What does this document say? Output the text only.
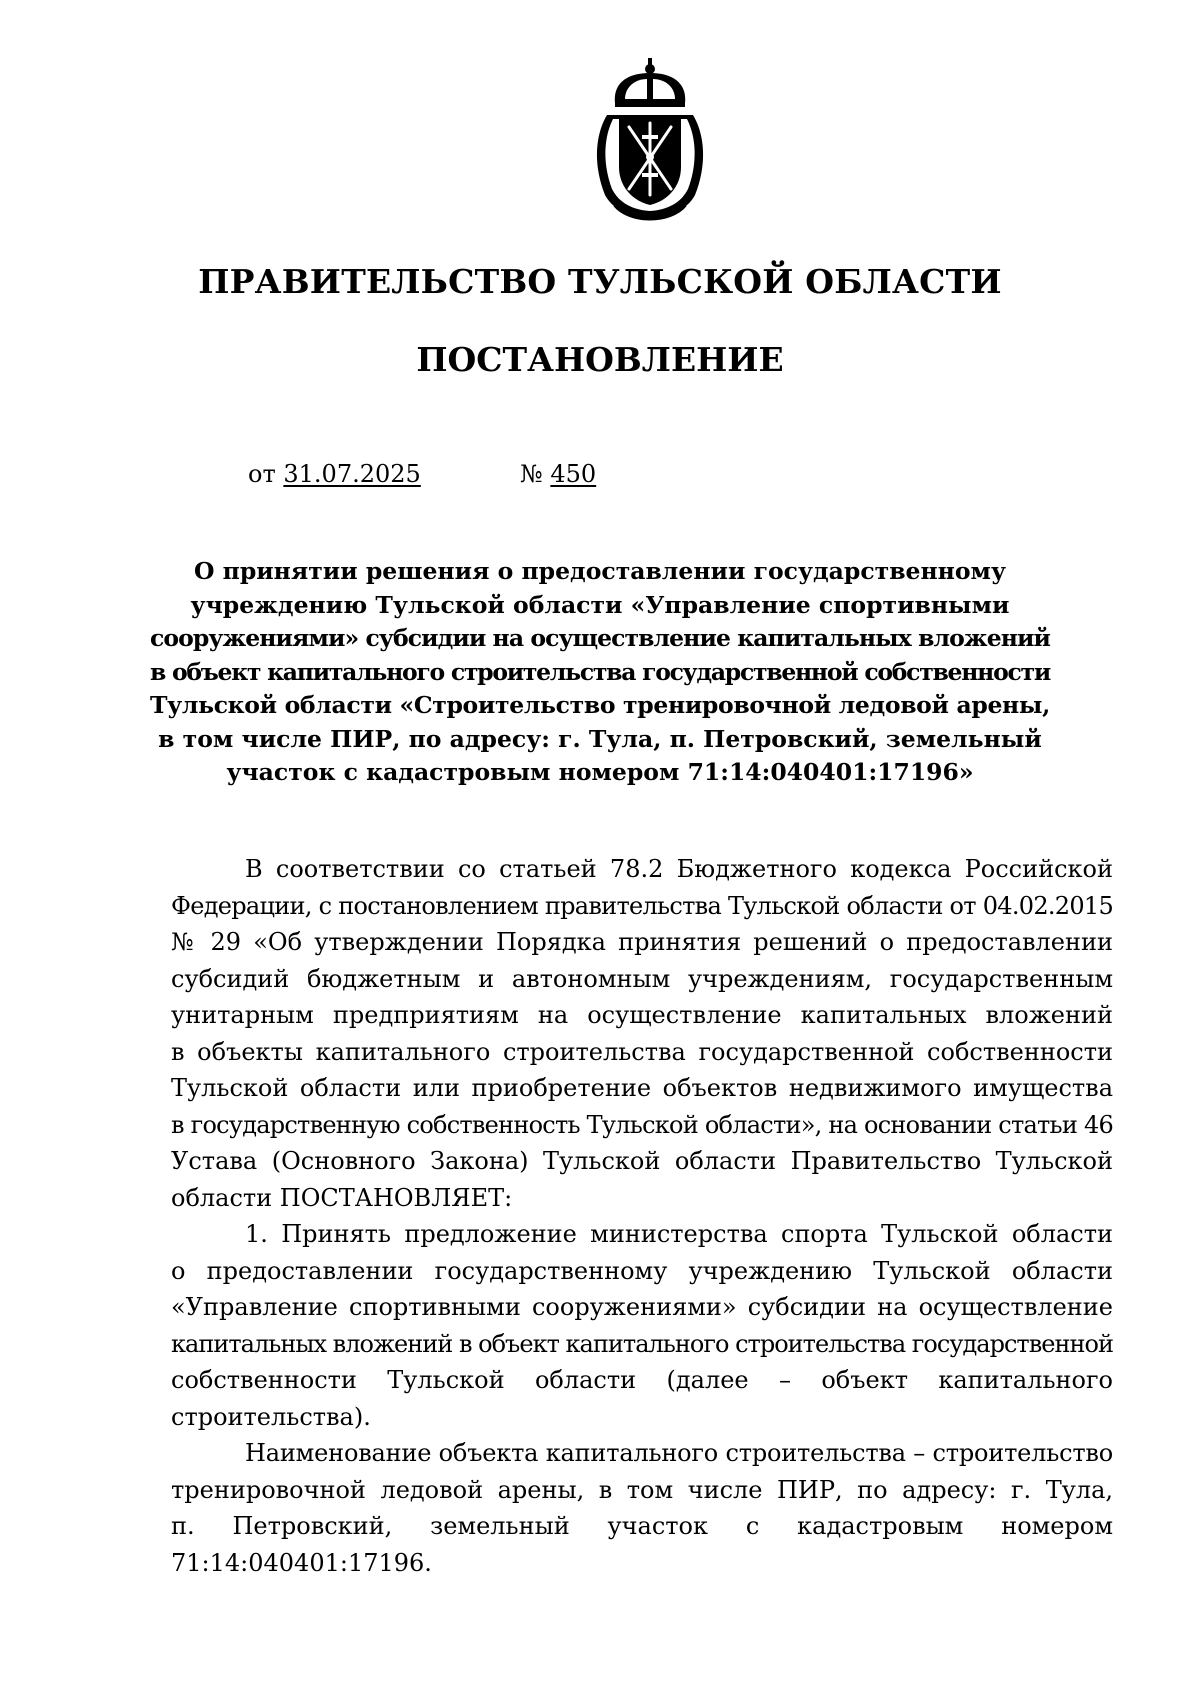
ПРАВИТЕЛЬСТВО ТУЛЬСКОЙ ОБЛАСТИ
ПОСТАНОВЛЕНИЕ
от 31.07.2025	№ 450
О принятии решения о предоставлении государственному
учреждению Тульской области «Управление спортивными
сооружениями» субсидии на осуществление капитальных вложений
в объект капитального строительства государственной собственности
Тульской области «Строительство тренировочной ледовой арены,
в том числе ПИР, по адресу: г. Тула, п. Петровский, земельный
участок с кадастровым номером 71:14:040401:17196»
В соответствии со статьей 78.2 Бюджетного кодекса Российской
Федерации, с постановлением правительства Тульской области от 04.02.2015
№ 29 «Об утверждении Порядка принятия решений о предоставлении
субсидий бюджетным и автономным учреждениям, государственным
унитарным предприятиям на осуществление капитальных вложений
в объекты капитального строительства государственной собственности
Тульской области или приобретение объектов недвижимого имущества
в государственную собственность Тульской области», на основании статьи 46
Устава (Основного Закона) Тульской области Правительство Тульской
области ПОСТАНОВЛЯЕТ:
1. Принять предложение министерства спорта Тульской области
о предоставлении государственному учреждению Тульской области
«Управление спортивными сооружениями» субсидии на осуществление
капитальных вложений в объект капитального строительства государственной
собственности Тульской области (далее – объект капитального
строительства).
Наименование объекта капитального строительства – строительство
тренировочной ледовой арены, в том числе ПИР, по адресу: г. Тула,
п. Петровский, земельный участок с кадастровым номером
71:14:040401:17196.
